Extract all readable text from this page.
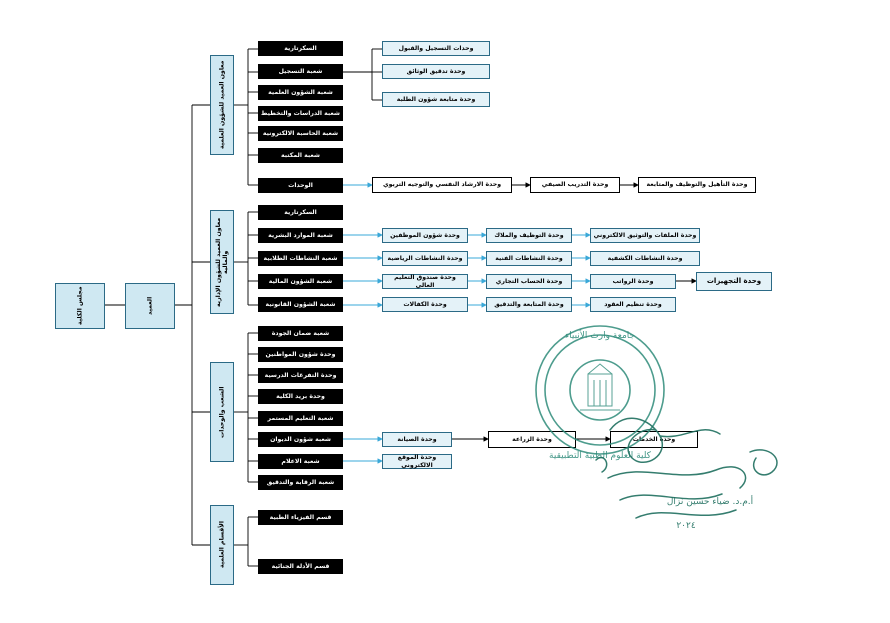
مجلس الكلية	العميد
معاون العميد للشؤون العلمية
معاون العميد للشؤون الإدارية والمالية
الشعب والوحدات
الأقسام العلمية
السكرتارية
شعبة التسجيل
شعبة الشؤون العلمية
شعبة الدراسات والتخطيط
شعبة الحاسبة الالكترونية
شعبة المكتبة
الوحدات
وحدات التسجيل والقبول
وحدة تدقيق الوثائق
وحدة متابعة شؤون الطلبة
وحدة الارشاد النفسي والتوجيه التربوي	وحدة التدريب الصيفي	وحدة التأهيل والتوظيف والمتابعة
السكرتارية
شعبة الموارد البشرية
شعبة النشاطات الطلابية
شعبة الشؤون المالية
شعبة الشؤون القانونية
وحدة شؤون الموظفين
وحدة النشاطات الرياضية
وحدة صندوق التعليم العالي
وحدة الكفالات
وحدة التوظيف والملاك
وحدة النشاطات الفنية
وحدة الحساب التجاري
وحدة المتابعة والتدقيق
وحدة الملفات والتوثيق الالكتروني
وحدة النشاطات الكشفية
وحدة الرواتب
وحدة تنظيم العقود
وحدة التجهيزات
شعبة ضمان الجودة
وحدة شؤون المواطنين
وحدة التفرغات الدرسية
وحدة بريد الكلية
شعبة التعليم المستمر
شعبة شؤون الديوان
شعبة الاعلام
شعبة الرقابة والتدقيق
وحدة الصيانة
وحدة الموقع الالكتروني
وحدة الزراعة	وحدة الخدمات
قسم الفيزياء الطبية
قسم الأدلة الجنائية
جامعة وارث الأنبياء
كلية العلوم الطبية التطبيقية
أ.م.د. ضياء حسين نزال
٢٠٢٤
